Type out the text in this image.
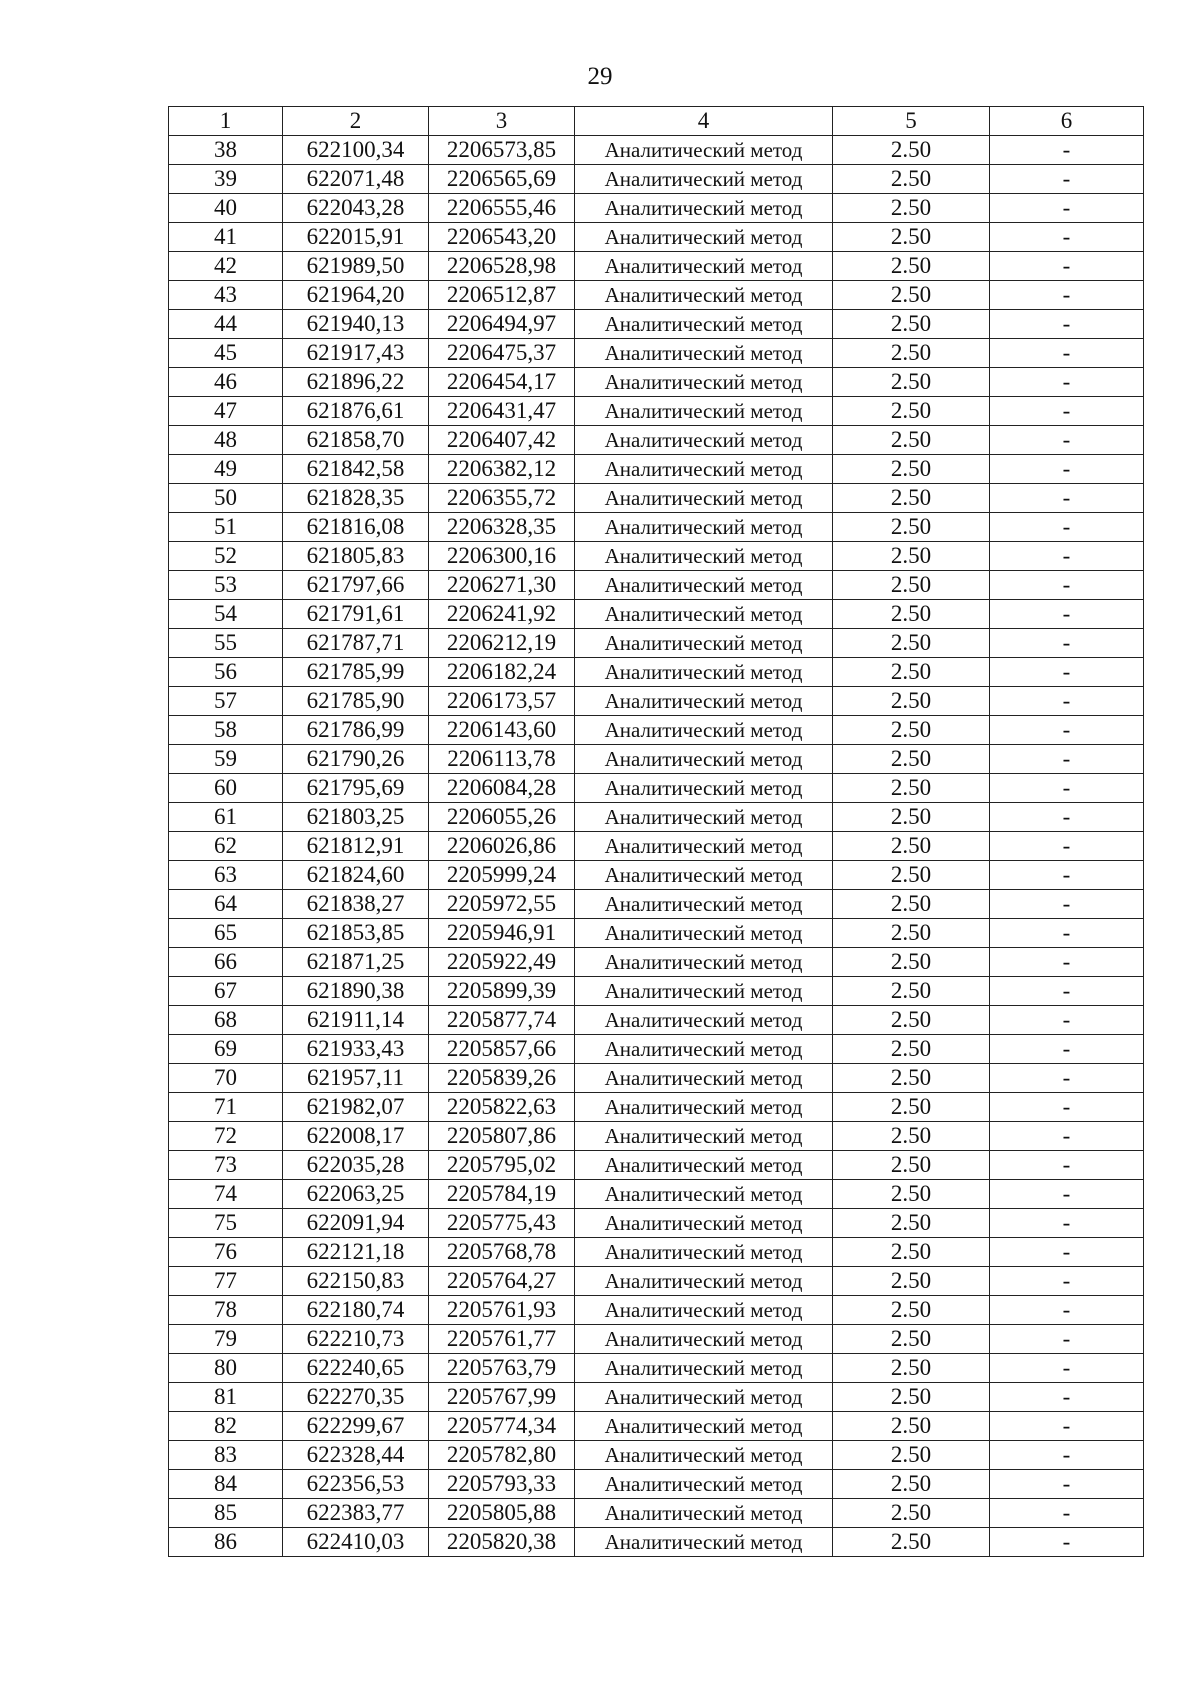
29
1	2	3	4	5	6
38	622100,34	2206573,85	Аналитический метод	2.50	-
39	622071,48	2206565,69	Аналитический метод	2.50	-
40	622043,28	2206555,46	Аналитический метод	2.50	-
41	622015,91	2206543,20	Аналитический метод	2.50	-
42	621989,50	2206528,98	Аналитический метод	2.50	-
43	621964,20	2206512,87	Аналитический метод	2.50	-
44	621940,13	2206494,97	Аналитический метод	2.50	-
45	621917,43	2206475,37	Аналитический метод	2.50	-
46	621896,22	2206454,17	Аналитический метод	2.50	-
47	621876,61	2206431,47	Аналитический метод	2.50	-
48	621858,70	2206407,42	Аналитический метод	2.50	-
49	621842,58	2206382,12	Аналитический метод	2.50	-
50	621828,35	2206355,72	Аналитический метод	2.50	-
51	621816,08	2206328,35	Аналитический метод	2.50	-
52	621805,83	2206300,16	Аналитический метод	2.50	-
53	621797,66	2206271,30	Аналитический метод	2.50	-
54	621791,61	2206241,92	Аналитический метод	2.50	-
55	621787,71	2206212,19	Аналитический метод	2.50	-
56	621785,99	2206182,24	Аналитический метод	2.50	-
57	621785,90	2206173,57	Аналитический метод	2.50	-
58	621786,99	2206143,60	Аналитический метод	2.50	-
59	621790,26	2206113,78	Аналитический метод	2.50	-
60	621795,69	2206084,28	Аналитический метод	2.50	-
61	621803,25	2206055,26	Аналитический метод	2.50	-
62	621812,91	2206026,86	Аналитический метод	2.50	-
63	621824,60	2205999,24	Аналитический метод	2.50	-
64	621838,27	2205972,55	Аналитический метод	2.50	-
65	621853,85	2205946,91	Аналитический метод	2.50	-
66	621871,25	2205922,49	Аналитический метод	2.50	-
67	621890,38	2205899,39	Аналитический метод	2.50	-
68	621911,14	2205877,74	Аналитический метод	2.50	-
69	621933,43	2205857,66	Аналитический метод	2.50	-
70	621957,11	2205839,26	Аналитический метод	2.50	-
71	621982,07	2205822,63	Аналитический метод	2.50	-
72	622008,17	2205807,86	Аналитический метод	2.50	-
73	622035,28	2205795,02	Аналитический метод	2.50	-
74	622063,25	2205784,19	Аналитический метод	2.50	-
75	622091,94	2205775,43	Аналитический метод	2.50	-
76	622121,18	2205768,78	Аналитический метод	2.50	-
77	622150,83	2205764,27	Аналитический метод	2.50	-
78	622180,74	2205761,93	Аналитический метод	2.50	-
79	622210,73	2205761,77	Аналитический метод	2.50	-
80	622240,65	2205763,79	Аналитический метод	2.50	-
81	622270,35	2205767,99	Аналитический метод	2.50	-
82	622299,67	2205774,34	Аналитический метод	2.50	-
83	622328,44	2205782,80	Аналитический метод	2.50	-
84	622356,53	2205793,33	Аналитический метод	2.50	-
85	622383,77	2205805,88	Аналитический метод	2.50	-
86	622410,03	2205820,38	Аналитический метод	2.50	-
